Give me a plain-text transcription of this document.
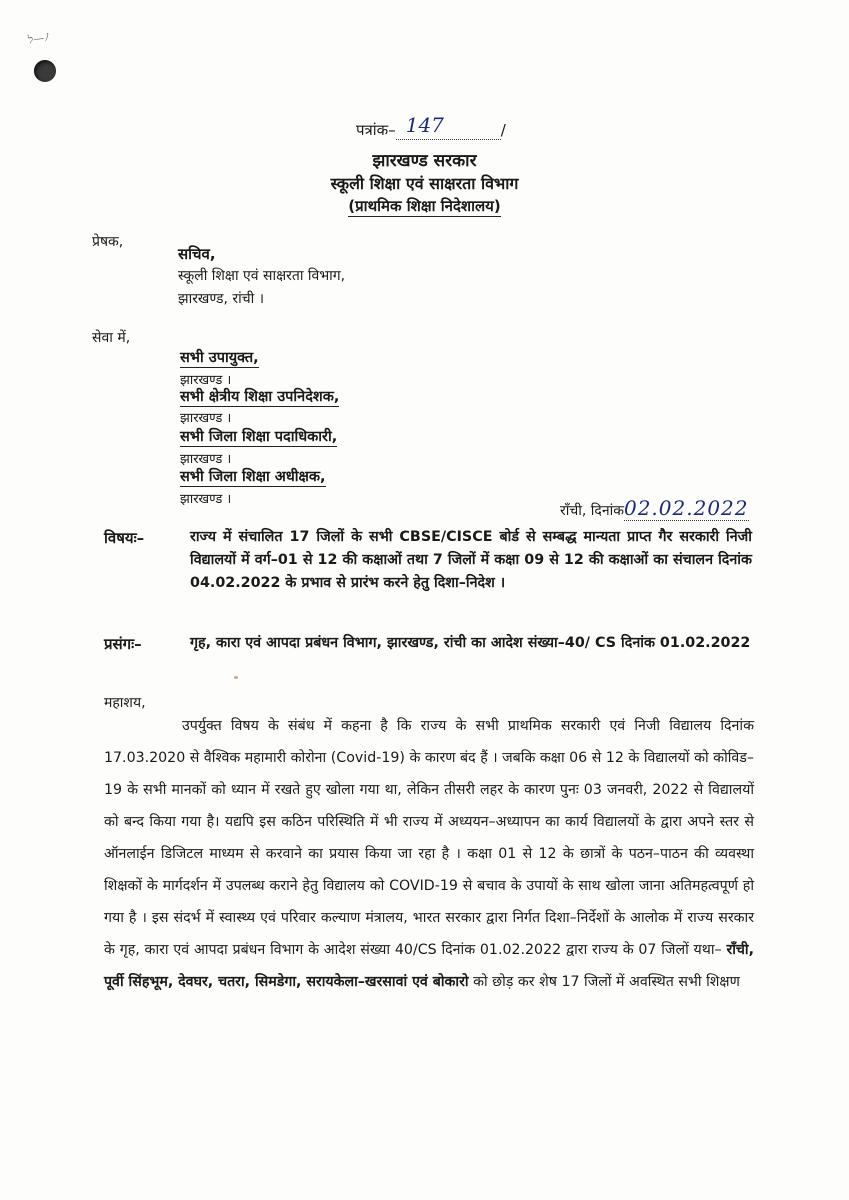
ﬥ—ﾉ
पत्रांक– 147	/
झारखण्ड सरकार
स्कूली शिक्षा एवं साक्षरता विभाग
(प्राथमिक शिक्षा निदेशालय)
प्रेषक,
सचिव,
स्कूली शिक्षा एवं साक्षरता विभाग,
झारखण्ड, रांची ।
सेवा में,
सभी उपायुक्त,
झारखण्ड ।
सभी क्षेत्रीय शिक्षा उपनिदेशक,
झारखण्ड ।
सभी जिला शिक्षा पदाधिकारी,
झारखण्ड ।
सभी जिला शिक्षा अधीक्षक,
झारखण्ड ।
राँची, दिनांक02.02.2022
विषयः–	राज्य में संचालित 17 जिलों के सभी CBSE/CISCE बोर्ड से सम्बद्ध मान्यता प्राप्त गैर सरकारी निजी विद्यालयों में वर्ग–01 से 12 की कक्षाओं तथा 7 जिलों में कक्षा 09 से 12 की कक्षाओं का संचालन दिनांक 04.02.2022 के प्रभाव से प्रारंभ करने हेतु दिशा–निदेश ।
प्रसंगः–	गृह, कारा एवं आपदा प्रबंधन विभाग, झारखण्ड, रांची का आदेश संख्या–40/ CS दिनांक 01.02.2022
महाशय,
उपर्युक्त विषय के संबंध में कहना है कि राज्य के सभी प्राथमिक सरकारी एवं निजी विद्यालय दिनांक 17.03.2020 से वैश्विक महामारी कोरोना (Covid-19) के कारण बंद हैं । जबकि कक्षा 06 से 12 के विद्यालयों को कोविड–19 के सभी मानकों को ध्यान में रखते हुए खोला गया था, लेकिन तीसरी लहर के कारण पुनः 03 जनवरी, 2022 से विद्यालयों को बन्द किया गया है। यद्यपि इस कठिन परिस्थिति में भी राज्य में अध्ययन–अध्यापन का कार्य विद्यालयों के द्वारा अपने स्तर से ऑनलाईन डिजिटल माध्यम से करवाने का प्रयास किया जा रहा है । कक्षा 01 से 12 के छात्रों के पठन–पाठन की व्यवस्था शिक्षकों के मार्गदर्शन में उपलब्ध कराने हेतु विद्यालय को COVID-19 से बचाव के उपायों के साथ खोला जाना अतिमहत्वपूर्ण हो गया है । इस संदर्भ में स्वास्थ्य एवं परिवार कल्याण मंत्रालय, भारत सरकार द्वारा निर्गत दिशा–निर्देशों के आलोक में राज्य सरकार के गृह, कारा एवं आपदा प्रबंधन विभाग के आदेश संख्या 40/CS दिनांक 01.02.2022 द्वारा राज्य के 07 जिलों यथा– राँची, पूर्वी सिंहभूम, देवघर, चतरा, सिमडेगा, सरायकेला–खरसावां एवं बोकारो को छोड़ कर शेष 17 जिलों में अवस्थित सभी शिक्षण
